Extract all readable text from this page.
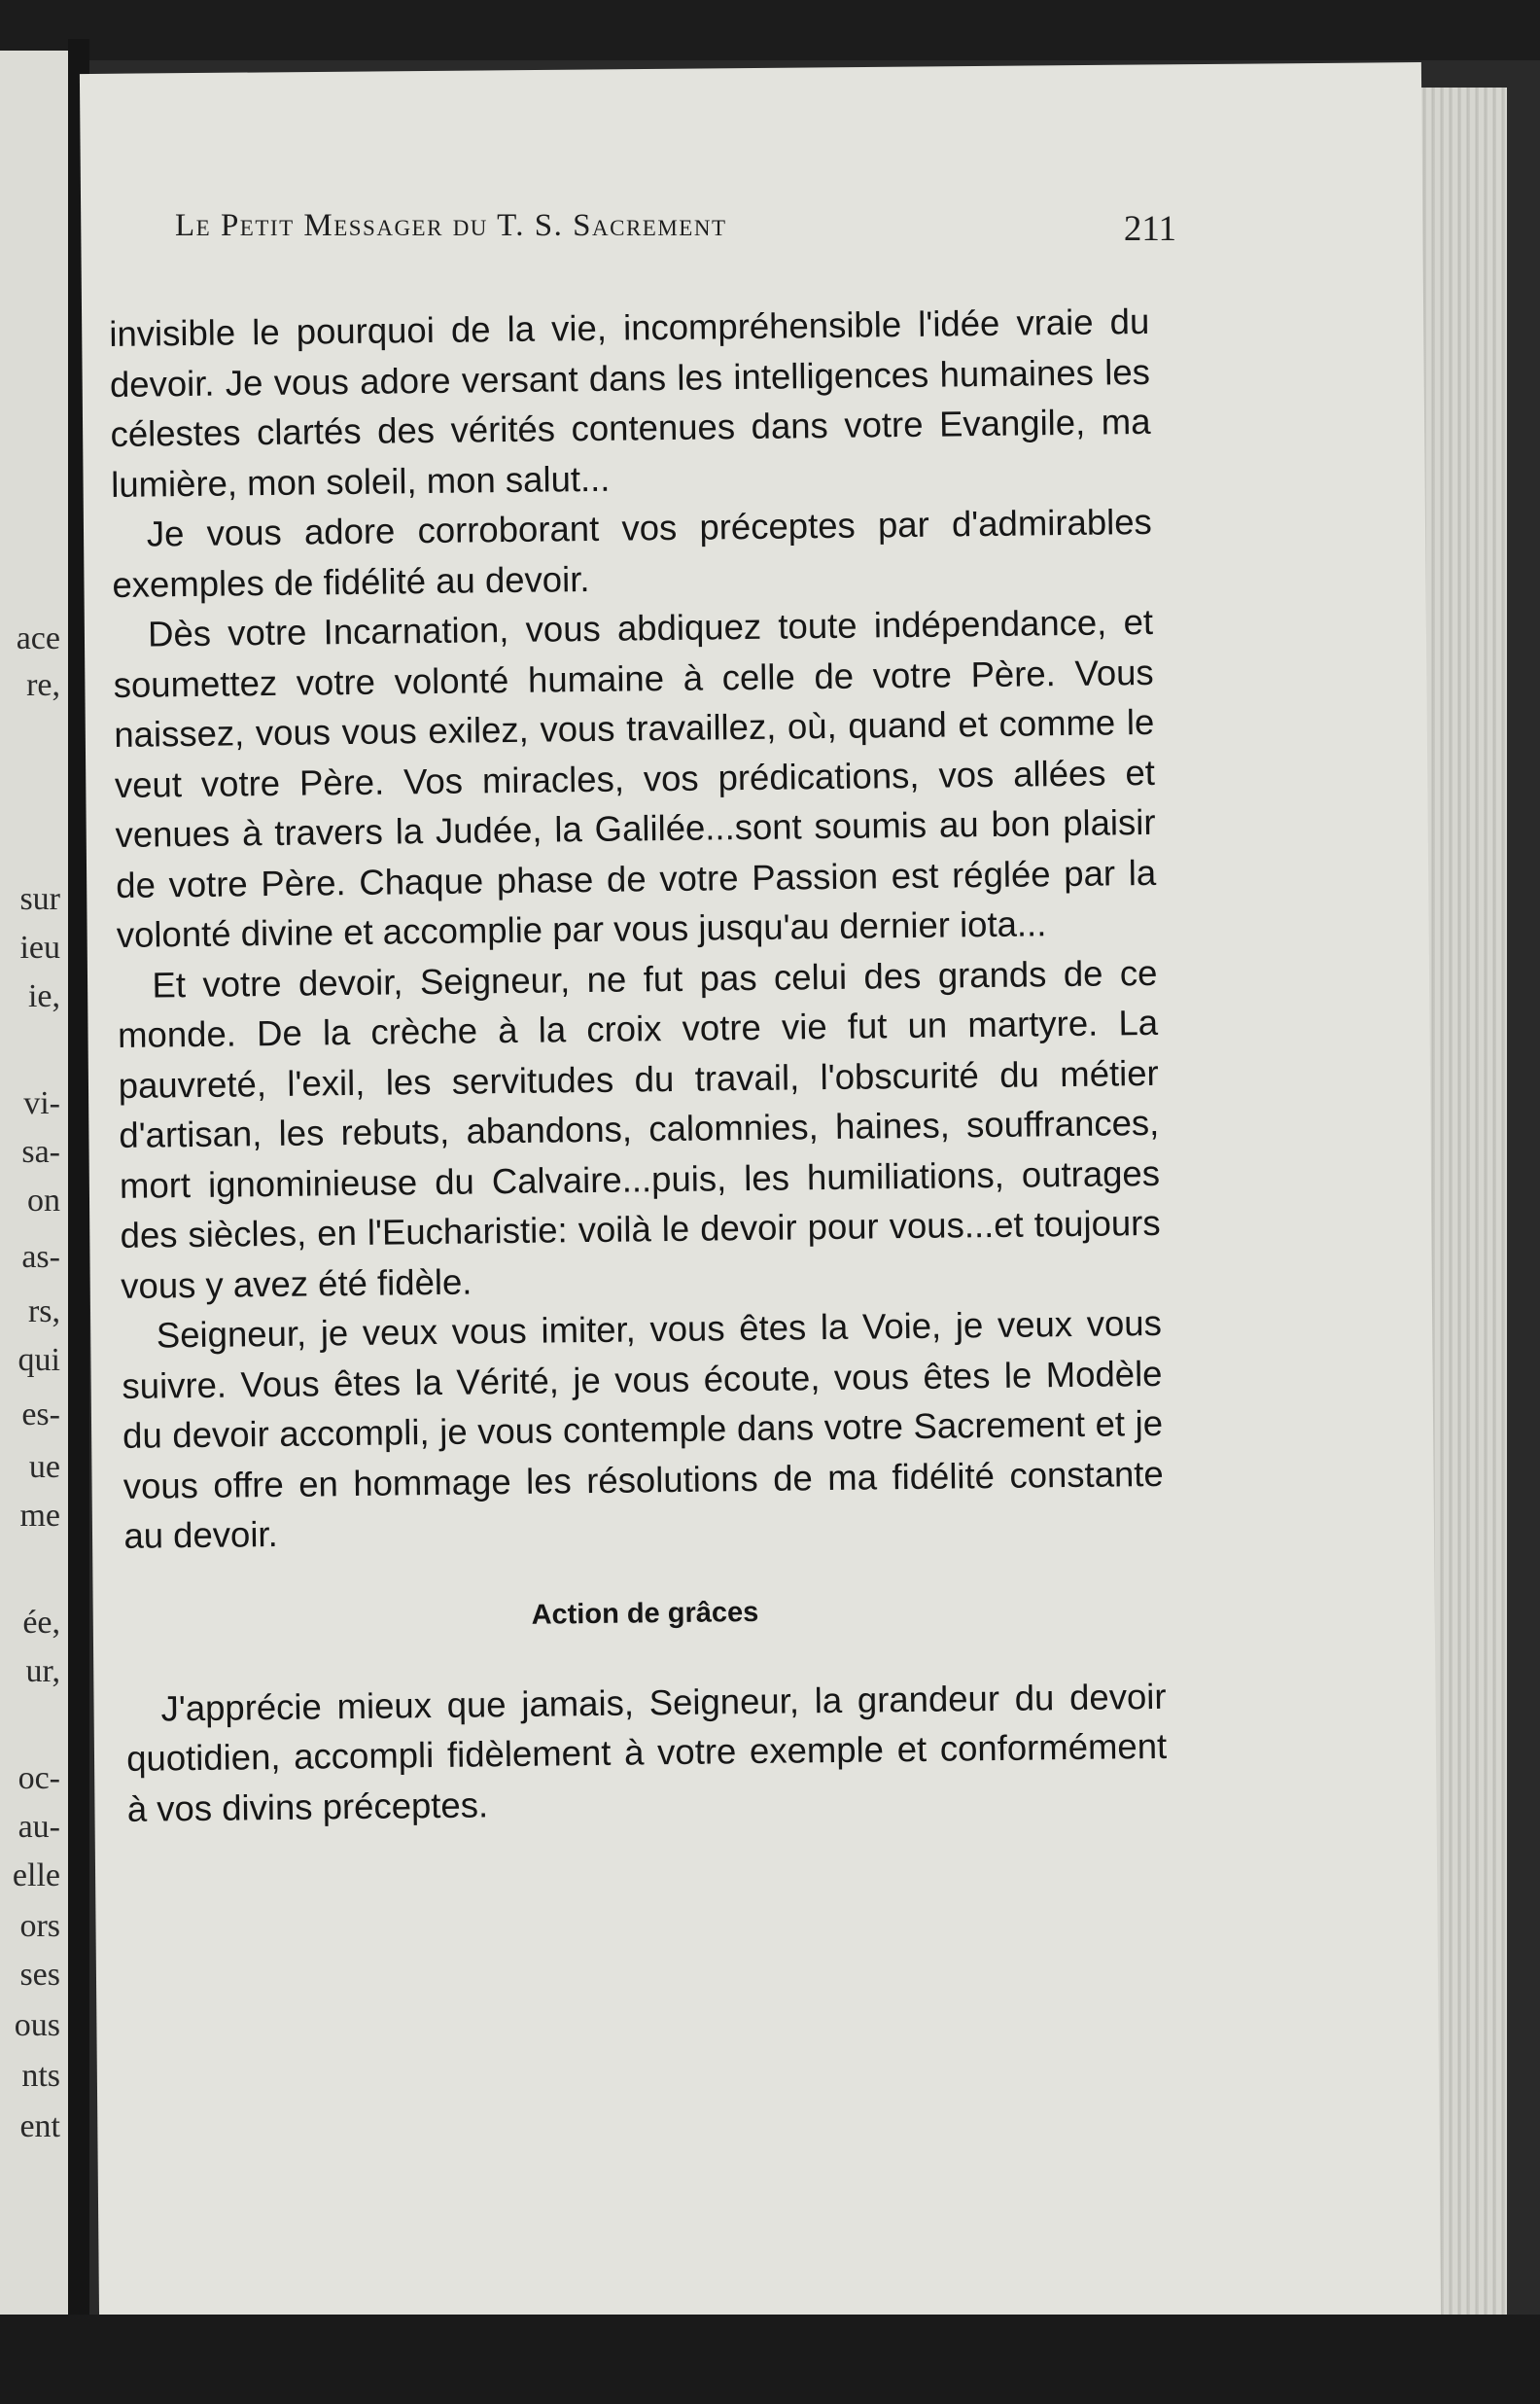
ace
re,
sur
ieu
ie,
vi-
sa-
on
as-
rs,
qui
es-
ue
me
ée,
ur,
oc-
au-
elle
ors
ses
ous
nts
ent
Le Petit Messager du T. S. Sacrement	211

invisible le pourquoi de la vie, incompréhensible l'idée vraie du devoir. Je vous adore versant dans les intelligences humaines les célestes clartés des vérités contenues dans votre Evangile, ma lumière, mon soleil, mon salut...

Je vous adore corroborant vos préceptes par d'admirables exemples de fidélité au devoir.

Dès votre Incarnation, vous abdiquez toute indépendance, et soumettez votre volonté humaine à celle de votre Père. Vous naissez, vous vous exilez, vous travaillez, où, quand et comme le veut votre Père. Vos miracles, vos prédications, vos allées et venues à travers la Judée, la Galilée...sont soumis au bon plaisir de votre Père. Chaque phase de votre Passion est réglée par la volonté divine et accomplie par vous jusqu'au dernier iota...

Et votre devoir, Seigneur, ne fut pas celui des grands de ce monde. De la crèche à la croix votre vie fut un martyre. La pauvreté, l'exil, les servitudes du travail, l'obscurité du métier d'artisan, les rebuts, abandons, calomnies, haines, souffrances, mort ignominieuse du Calvaire...puis, les humiliations, outrages des siècles, en l'Eucharistie: voilà le devoir pour vous...et toujours vous y avez été fidèle.

Seigneur, je veux vous imiter, vous êtes la Voie, je veux vous suivre. Vous êtes la Vérité, je vous écoute, vous êtes le Modèle du devoir accompli, je vous contemple dans votre Sacrement et je vous offre en hommage les résolutions de ma fidélité constante au devoir.

Action de grâces

J'apprécie mieux que jamais, Seigneur, la grandeur du devoir quotidien, accompli fidèlement à votre exemple et conformément à vos divins préceptes.
